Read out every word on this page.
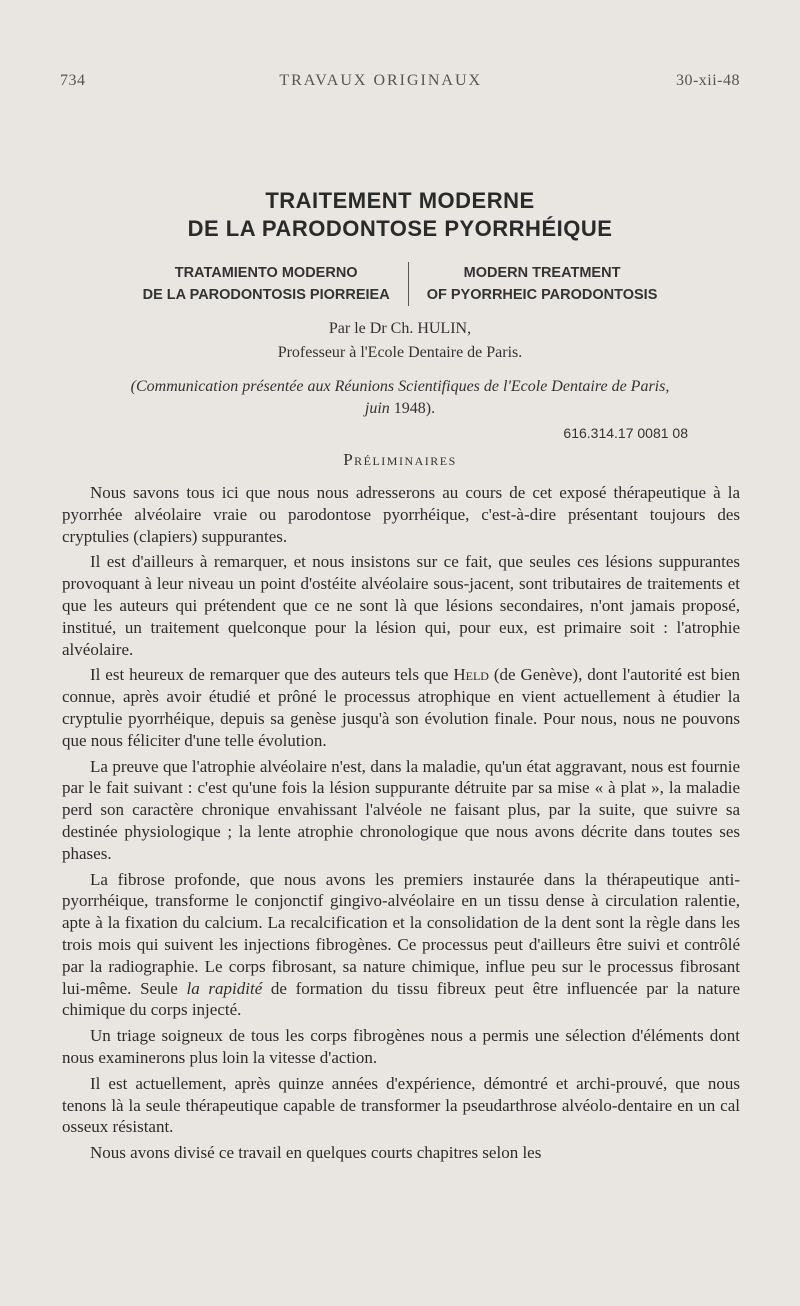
734	TRAVAUX ORIGINAUX	30-xii-48
TRAITEMENT MODERNE
DE LA PARODONTOSE PYORRHÉIQUE
TRATAMIENTO MODERNO
DE LA PARODONTOSIS PIORREIEA
MODERN TREATMENT
OF PYORRHEIC PARODONTOSIS
Par le Dr Ch. HULIN,
Professeur à l'Ecole Dentaire de Paris.
(Communication présentée aux Réunions Scientifiques de l'Ecole Dentaire de Paris,
juin 1948).
616.314.17 0081 08
Préliminaires

Nous savons tous ici que nous nous adresserons au cours de cet exposé thérapeutique à la pyorrhée alvéolaire vraie ou parodontose pyorrhéique, c'est-à-dire présentant toujours des cryptulies (clapiers) suppurantes.

Il est d'ailleurs à remarquer, et nous insistons sur ce fait, que seules ces lésions suppurantes provoquant à leur niveau un point d'ostéite alvéolaire sous-jacent, sont tributaires de traitements et que les auteurs qui prétendent que ce ne sont là que lésions secondaires, n'ont jamais proposé, institué, un traitement quelconque pour la lésion qui, pour eux, est primaire soit : l'atrophie alvéolaire.

Il est heureux de remarquer que des auteurs tels que Held (de Genève), dont l'autorité est bien connue, après avoir étudié et prôné le processus atrophique en vient actuellement à étudier la cryptulie pyorrhéique, depuis sa genèse jusqu'à son évolution finale. Pour nous, nous ne pouvons que nous féliciter d'une telle évolution.

La preuve que l'atrophie alvéolaire n'est, dans la maladie, qu'un état aggravant, nous est fournie par le fait suivant : c'est qu'une fois la lésion suppurante détruite par sa mise « à plat », la maladie perd son caractère chronique envahissant l'alvéole ne faisant plus, par la suite, que suivre sa destinée physiologique ; la lente atrophie chronologique que nous avons décrite dans toutes ses phases.

La fibrose profonde, que nous avons les premiers instaurée dans la thérapeutique anti-pyorrhéique, transforme le conjonctif gingivo-alvéolaire en un tissu dense à circulation ralentie, apte à la fixation du calcium. La recalcification et la consolidation de la dent sont la règle dans les trois mois qui suivent les injections fibrogènes. Ce processus peut d'ailleurs être suivi et contrôlé par la radiographie. Le corps fibrosant, sa nature chimique, influe peu sur le processus fibrosant lui-même. Seule la rapidité de formation du tissu fibreux peut être influencée par la nature chimique du corps injecté.

Un triage soigneux de tous les corps fibrogènes nous a permis une sélection d'éléments dont nous examinerons plus loin la vitesse d'action.

Il est actuellement, après quinze années d'expérience, démontré et archi-prouvé, que nous tenons là la seule thérapeutique capable de transformer la pseudarthrose alvéolo-dentaire en un cal osseux résistant.

Nous avons divisé ce travail en quelques courts chapitres selon les
